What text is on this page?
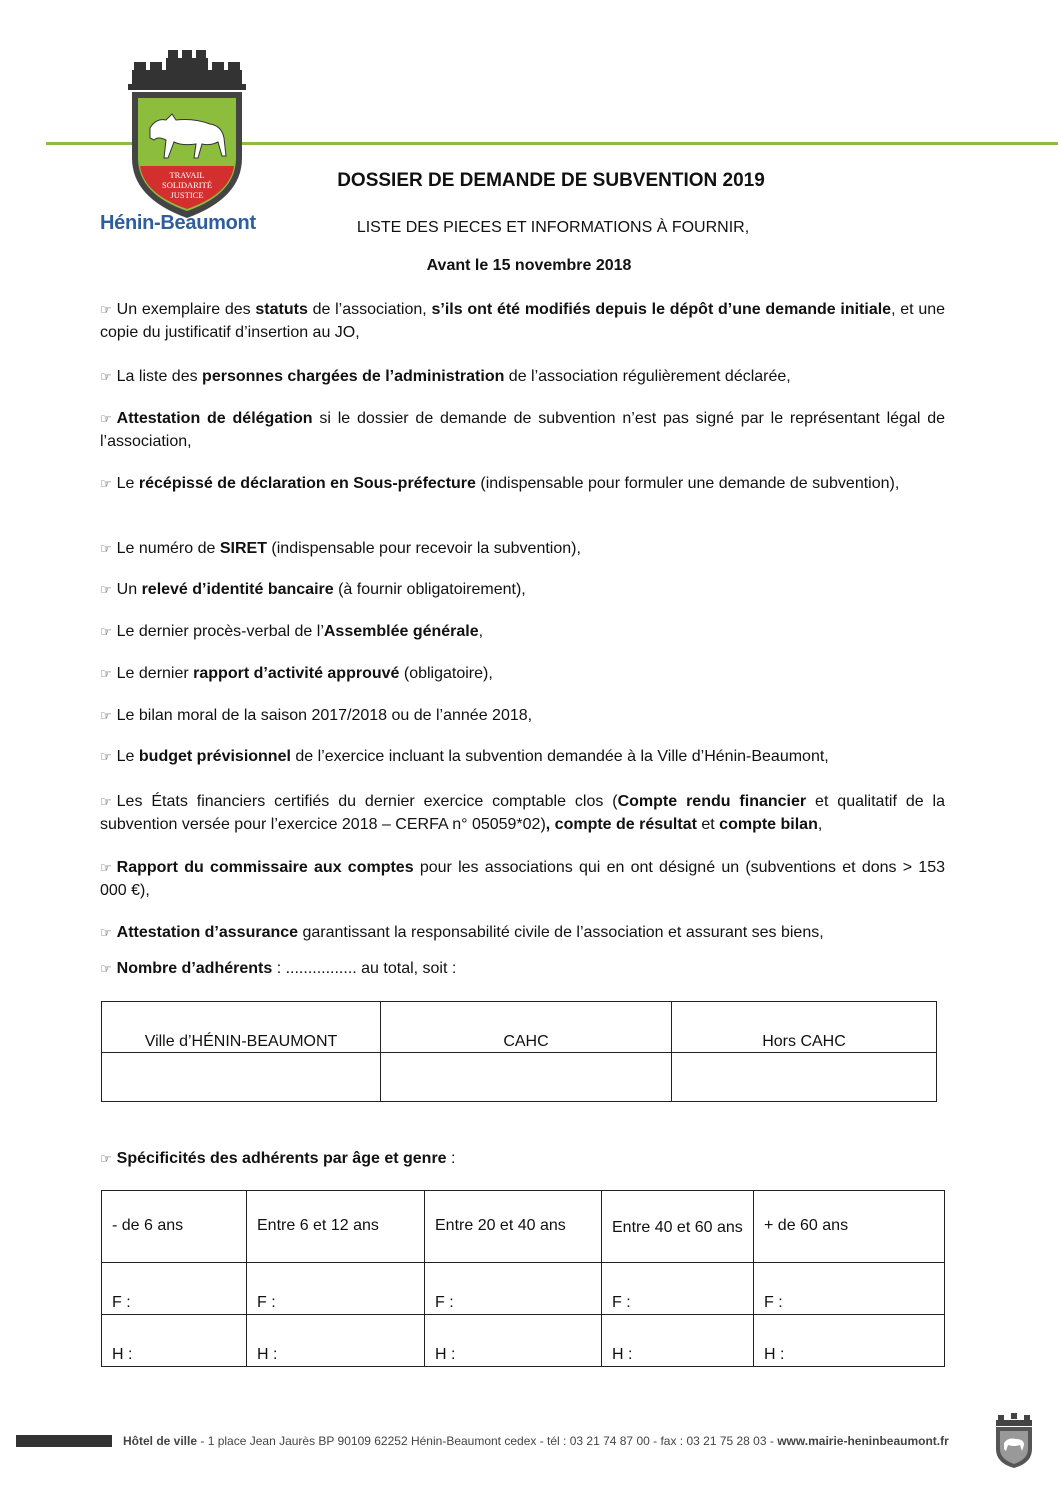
TRAVAIL
SOLIDARITÉ
JUSTICE
Hénin-Beaumont
DOSSIER DE DEMANDE DE SUBVENTION 2019
LISTE DES PIECES ET INFORMATIONS À FOURNIR,
Avant le 15 novembre 2018
☞ Un exemplaire des statuts de l’association, s’ils ont été modifiés depuis le dépôt d’une demande initiale, et une copie du justificatif d’insertion au JO,
☞ La liste des personnes chargées de l’administration de l’association régulièrement déclarée,
☞ Attestation de délégation si le dossier de demande de subvention n’est pas signé par le représentant légal de l’association,
☞ Le récépissé de déclaration en Sous-préfecture (indispensable pour formuler une demande de subvention),
☞ Le numéro de SIRET (indispensable pour recevoir la subvention),
☞ Un relevé d’identité bancaire (à fournir obligatoirement),
☞ Le dernier procès-verbal de l’Assemblée générale,
☞ Le dernier rapport d’activité approuvé (obligatoire),
☞ Le bilan moral de la saison 2017/2018 ou de l’année 2018,
☞ Le budget prévisionnel de l’exercice incluant la subvention demandée à la Ville d’Hénin-Beaumont,
☞ Les États financiers certifiés du dernier exercice comptable clos (Compte rendu financier et qualitatif de la subvention versée pour l’exercice 2018 – CERFA n° 05059*02), compte de résultat et compte bilan,
☞ Rapport du commissaire aux comptes pour les associations qui en ont désigné un (subventions et dons > 153 000 €),
☞ Attestation d’assurance garantissant la responsabilité civile de l’association et assurant ses biens,
☞ Nombre d’adhérents : ................ au total, soit :
Ville d’HÉNIN-BEAUMONT	CAHC	Hors CAHC

☞ Spécificités des adhérents par âge et genre :
- de 6 ans	Entre 6 et 12 ans	Entre 20 et 40 ans	Entre 40 et 60 ans	+ de 60 ans
F :	F :	F :	F :	F :
H :	H :	H :	H :	H :
Hôtel de ville - 1 place Jean Jaurès BP 90109 62252 Hénin-Beaumont cedex - tél : 03 21 74 87 00 - fax : 03 21 75 28 03 - www.mairie-heninbeaumont.fr
